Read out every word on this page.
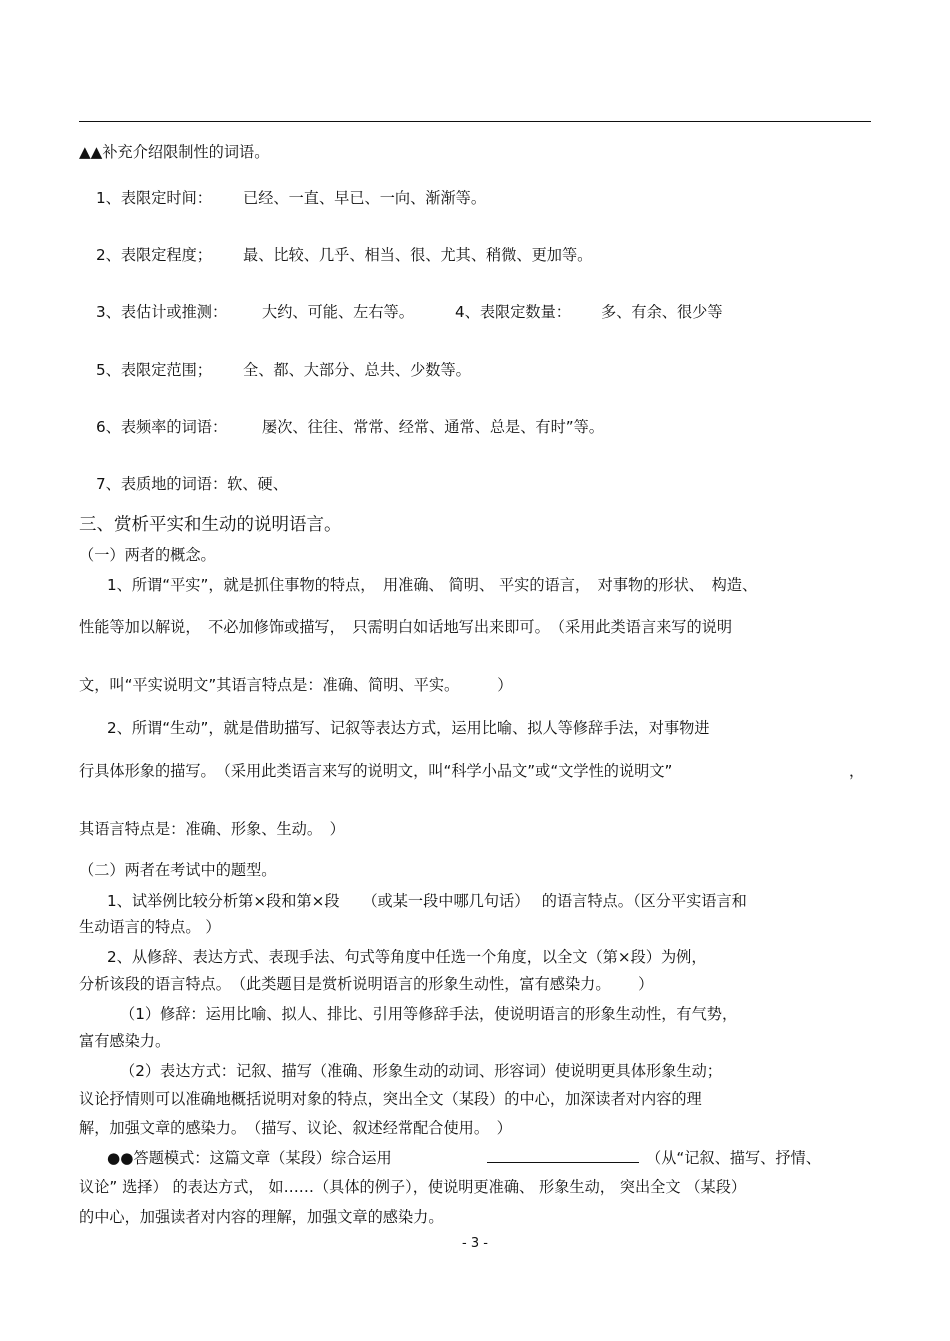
▲▲补充介绍限制性的词语。
1、表限定时间： 已经、一直、早已、一向、渐渐等。
2、表限定程度； 最、比较、几乎、相当、很、尤其、稍微、更加等。
3、表估计或推测： 大约、可能、左右等。	4、表限定数量： 多、有余、很少等
5、表限定范围； 全、都、大部分、总共、少数等。
6、表频率的词语： 屡次、往往、常常、经常、通常、总是、有时”等。
7、表质地的词语：软、硬、
三、赏析平实和生动的说明语言。
（一）两者的概念。
1、所谓“平实”，就是抓住事物的特点，　用准确、 简明、 平实的语言，　对事物的形状、　构造、
性能等加以解说，　不必加修饰或描写，　只需明白如话地写出来即可。　（采用此类语言来写的说明
文，叫“平实说明文”其语言特点是：准确、简明、平实。　　　）
2、所谓“生动”，就是借助描写、记叙等表达方式，运用比喻、拟人等修辞手法，对事物进
行具体形象的描写。　（采用此类语言来写的说明文，叫“科学小品文”或“文学性的说明文”	，
其语言特点是：准确、形象、生动。　）
（二）两者在考试中的题型。
1、试举例比较分析第×段和第×段　　（或某一段中哪几句话）　 的语言特点。（区分平实语言和
生动语言的特点。 ）
2、从修辞、表达方式、表现手法、句式等角度中任选一个角度，以全文（第×段）为例，
分析该段的语言特点。　（此类题目是赏析说明语言的形象生动性，富有感染力。　　 ）
（1）修辞：运用比喻、拟人、排比、引用等修辞手法，使说明语言的形象生动性，有气势，
富有感染力。
（2）表达方式：记叙、描写（准确、形象生动的动词、形容词）使说明更具体形象生动；
议论抒情则可以准确地概括说明对象的特点，突出全文（某段）的中心，加深读者对内容的理
解，加强文章的感染力。　（描写、议论、叙述经常配合使用。　）
●●答题模式：这篇文章（某段）综合运用	（从“记叙、描写、抒情、
议论” 选择） 的表达方式， 如……（具体的例子），使说明更准确、 形象生动， 突出全文 （某段）
的中心，加强读者对内容的理解，加强文章的感染力。
- 3 -
